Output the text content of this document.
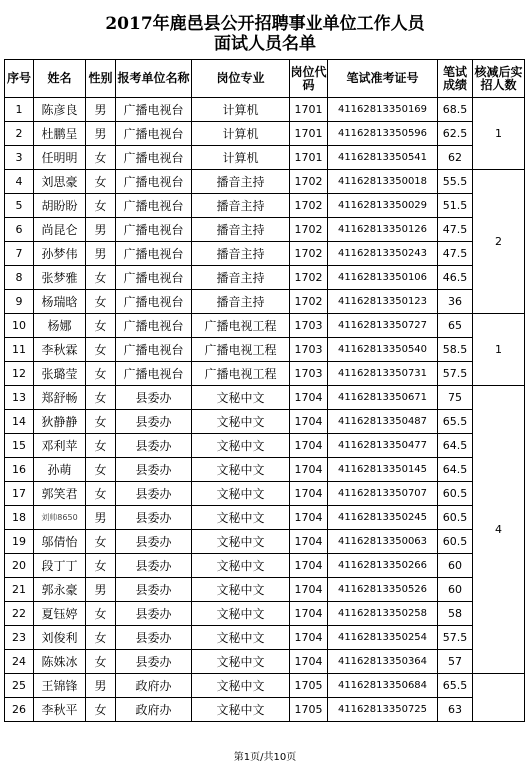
2017年鹿邑县公开招聘事业单位工作人员
面试人员名单
序号	姓名	性别	报考单位名称	岗位专业	岗位代码	笔试准考证号	笔试成绩	核减后实招人数
1	陈彦良	男	广播电视台	计算机	1701	41162813350169	68.5	1
2	杜鹏呈	男	广播电视台	计算机	1701	41162813350596	62.5	
3	任明明	女	广播电视台	计算机	1701	41162813350541	62	
4	刘思豪	女	广播电视台	播音主持	1702	41162813350018	55.5	2
5	胡盼盼	女	广播电视台	播音主持	1702	41162813350029	51.5	
6	尚昆仑	男	广播电视台	播音主持	1702	41162813350126	47.5	
7	孙梦伟	男	广播电视台	播音主持	1702	41162813350243	47.5	
8	张梦雅	女	广播电视台	播音主持	1702	41162813350106	46.5	
9	杨瑞晗	女	广播电视台	播音主持	1702	41162813350123	36	
10	杨娜	女	广播电视台	广播电视工程	1703	41162813350727	65	1
11	李秋霖	女	广播电视台	广播电视工程	1703	41162813350540	58.5	
12	张璐莹	女	广播电视台	广播电视工程	1703	41162813350731	57.5	
13	郑舒畅	女	县委办	文秘中文	1704	41162813350671	75	4
14	狄静静	女	县委办	文秘中文	1704	41162813350487	65.5	
15	邓利苹	女	县委办	文秘中文	1704	41162813350477	64.5	
16	孙萌	女	县委办	文秘中文	1704	41162813350145	64.5	
17	郭笑君	女	县委办	文秘中文	1704	41162813350707	60.5	
18	刘帅8650	男	县委办	文秘中文	1704	41162813350245	60.5	
19	邬倩怡	女	县委办	文秘中文	1704	41162813350063	60.5	
20	段丁丁	女	县委办	文秘中文	1704	41162813350266	60	
21	郭永豪	男	县委办	文秘中文	1704	41162813350526	60	
22	夏钰婷	女	县委办	文秘中文	1704	41162813350258	58	
23	刘俊利	女	县委办	文秘中文	1704	41162813350254	57.5	
24	陈姝冰	女	县委办	文秘中文	1704	41162813350364	57	
25	王锦锋	男	政府办	文秘中文	1705	41162813350684	65.5	
26	李秋平	女	政府办	文秘中文	1705	41162813350725	63	
第1页/共10页
